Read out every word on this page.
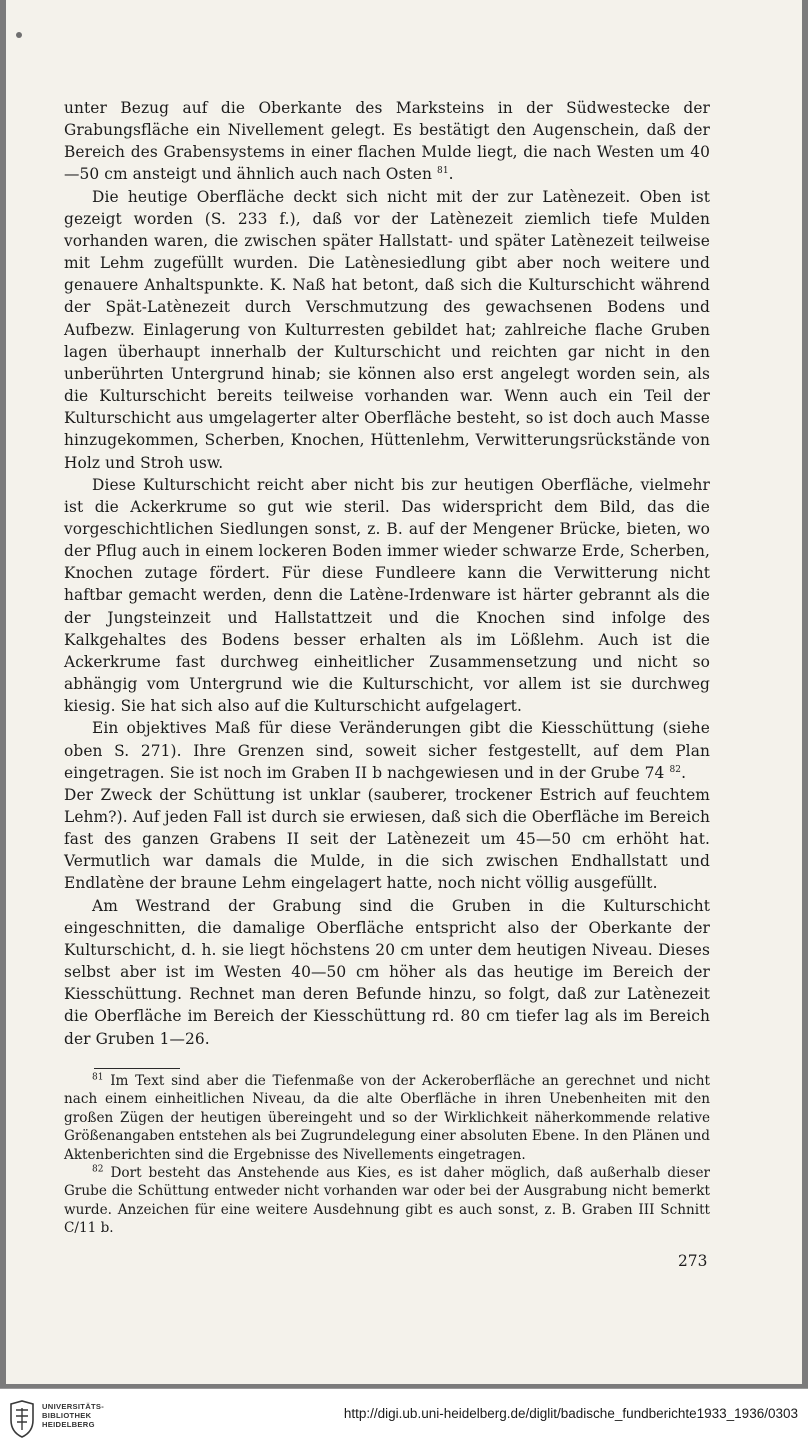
unter Bezug auf die Oberkante des Marksteins in der Südwestecke der Grabungsfläche ein Nivellement gelegt. Es bestätigt den Augenschein, daß der Bereich des Grabensystems in einer flachen Mulde liegt, die nach Westen um 40—50 cm ansteigt und ähnlich auch nach Osten $^{81}$.

Die heutige Oberfläche deckt sich nicht mit der zur Latènezeit. Oben ist gezeigt worden (S. 233 f.), daß vor der Latènezeit ziemlich tiefe Mulden vorhanden waren, die zwischen später Hallstatt- und später Latènezeit teilweise mit Lehm zugefüllt wurden. Die Latènesiedlung gibt aber noch weitere und genauere Anhaltspunkte. K. Naß hat betont, daß sich die Kulturschicht während der Spät-Latènezeit durch Verschmutzung des gewachsenen Bodens und Aufbezw. Einlagerung von Kulturresten gebildet hat; zahlreiche flache Gruben lagen überhaupt innerhalb der Kulturschicht und reichten gar nicht in den unberührten Untergrund hinab; sie können also erst angelegt worden sein, als die Kulturschicht bereits teilweise vorhanden war. Wenn auch ein Teil der Kulturschicht aus umgelagerter alter Oberfläche besteht, so ist doch auch Masse hinzugekommen, Scherben, Knochen, Hüttenlehm, Verwitterungsrückstände von Holz und Stroh usw.

Diese Kulturschicht reicht aber nicht bis zur heutigen Oberfläche, vielmehr ist die Ackerkrume so gut wie steril. Das widerspricht dem Bild, das die vorgeschichtlichen Siedlungen sonst, z. B. auf der Mengener Brücke, bieten, wo der Pflug auch in einem lockeren Boden immer wieder schwarze Erde, Scherben, Knochen zutage fördert. Für diese Fundleere kann die Verwitterung nicht haftbar gemacht werden, denn die Latène-Irdenware ist härter gebrannt als die der Jungsteinzeit und Hallstattzeit und die Knochen sind infolge des Kalkgehaltes des Bodens besser erhalten als im Lößlehm. Auch ist die Ackerkrume fast durchweg einheitlicher Zusammensetzung und nicht so abhängig vom Untergrund wie die Kulturschicht, vor allem ist sie durchweg kiesig. Sie hat sich also auf die Kulturschicht aufgelagert.

Ein objektives Maß für diese Veränderungen gibt die Kiesschüttung (siehe oben S. 271). Ihre Grenzen sind, soweit sicher festgestellt, auf dem Plan eingetragen. Sie ist noch im Graben II b nachgewiesen und in der Grube 74 $^{82}$.

Der Zweck der Schüttung ist unklar (sauberer, trockener Estrich auf feuchtem Lehm?). Auf jeden Fall ist durch sie erwiesen, daß sich die Oberfläche im Bereich fast des ganzen Grabens II seit der Latènezeit um 45—50 cm erhöht hat. Vermutlich war damals die Mulde, in die sich zwischen Endhallstatt und Endlatène der braune Lehm eingelagert hatte, noch nicht völlig ausgefüllt.

Am Westrand der Grabung sind die Gruben in die Kulturschicht eingeschnitten, die damalige Oberfläche entspricht also der Oberkante der Kulturschicht, d. h. sie liegt höchstens 20 cm unter dem heutigen Niveau. Dieses selbst aber ist im Westen 40—50 cm höher als das heutige im Bereich der Kiesschüttung. Rechnet man deren Befunde hinzu, so folgt, daß zur Latènezeit die Oberfläche im Bereich der Kiesschüttung rd. 80 cm tiefer lag als im Bereich der Gruben 1—26.

$^{81}$ Im Text sind aber die Tiefenmaße von der Ackeroberfläche an gerechnet und nicht nach einem einheitlichen Niveau, da die alte Oberfläche in ihren Unebenheiten mit den großen Zügen der heutigen übereingeht und so der Wirklichkeit näherkommende relative Größenangaben entstehen als bei Zugrundelegung einer absoluten Ebene. In den Plänen und Aktenberichten sind die Ergebnisse des Nivellements eingetragen.

$^{82}$ Dort besteht das Anstehende aus Kies, es ist daher möglich, daß außerhalb dieser Grube die Schüttung entweder nicht vorhanden war oder bei der Ausgrabung nicht bemerkt wurde. Anzeichen für eine weitere Ausdehnung gibt es auch sonst, z. B. Graben III Schnitt C/11 b.

273
UNIVERSITÄTS-
BIBLIOTHEK
HEIDELBERG
http://digi.ub.uni-heidelberg.de/diglit/badische_fundberichte1933_1936/0303
